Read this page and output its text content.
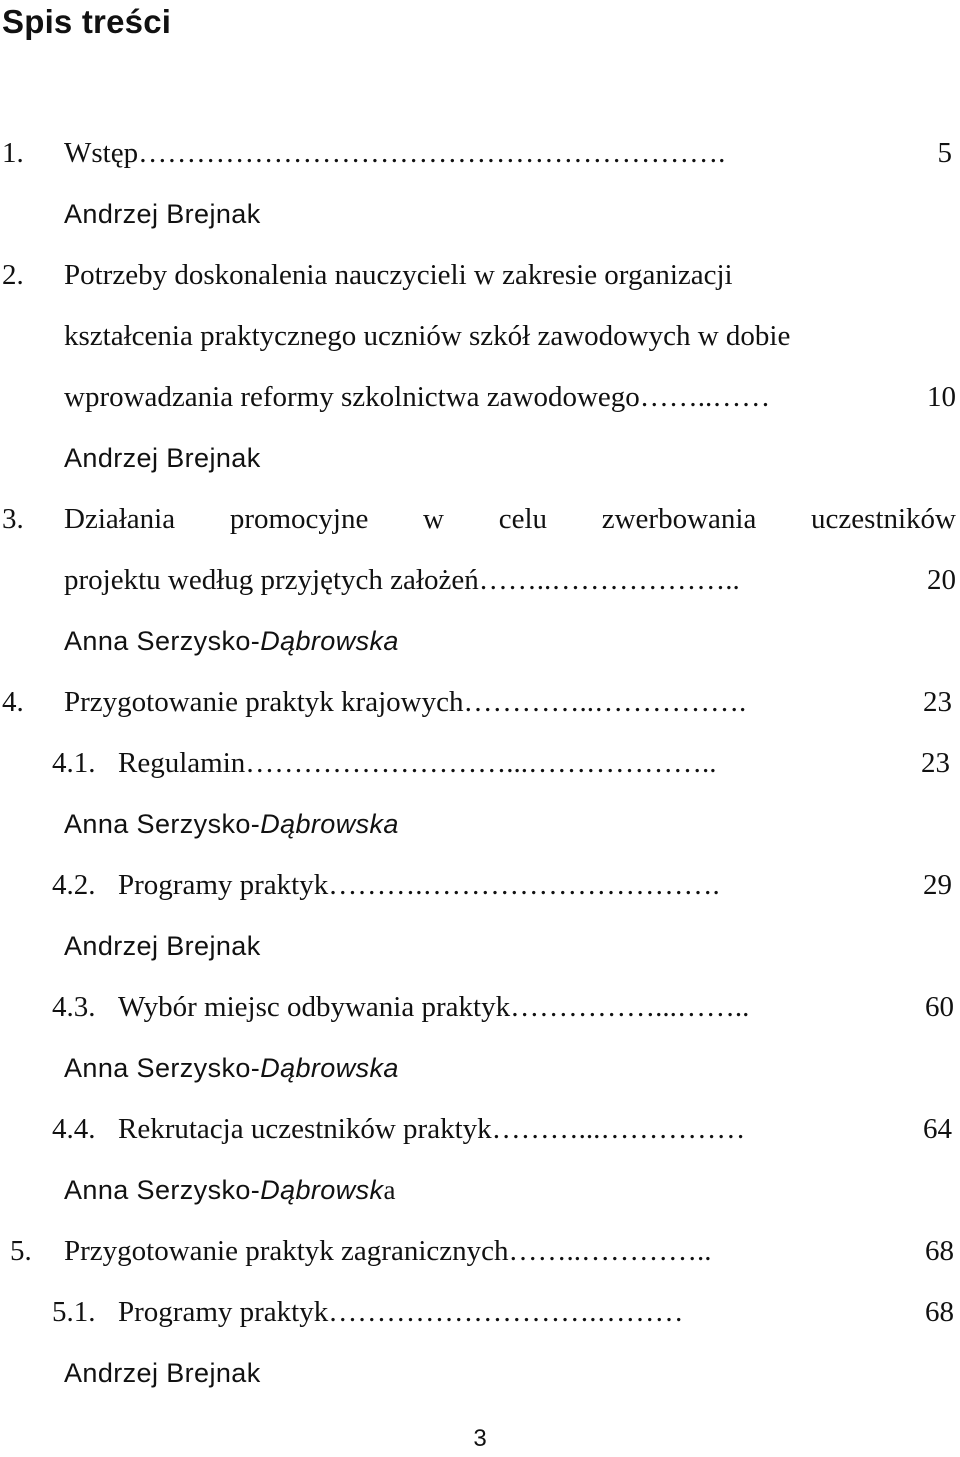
Spis treści
1. Wstęp …………………………………………………….	5
Andrzej Brejnak
2. Potrzeby doskonalenia nauczycieli w zakresie organizacji
kształcenia praktycznego uczniów szkół zawodowych w dobie
wprowadzania reformy szkolnictwa zawodowego ……..……	10
Andrzej Brejnak
3. Działania promocyjne w celu zwerbowania uczestników
projektu według przyjętych założeń ……..………………..	20
Anna Serzysko-Dąbrowska
4. Przygotowanie praktyk krajowych …………..…………….	23
4.1. Regulamin ………………………...………………..	23
Anna Serzysko-Dąbrowska
4.2. Programy praktyk ……….………………………….	29
Andrzej Brejnak
4.3. Wybór miejsc odbywania praktyk ……………...……..	60
Anna Serzysko-Dąbrowska
4.4. Rekrutacja uczestników praktyk ………...……………	64
Anna Serzysko-Dąbrowska
5. Przygotowanie praktyk zagranicznych ……..…………..	68
5.1. Programy praktyk ……………………….………	68
Andrzej Brejnak
3
